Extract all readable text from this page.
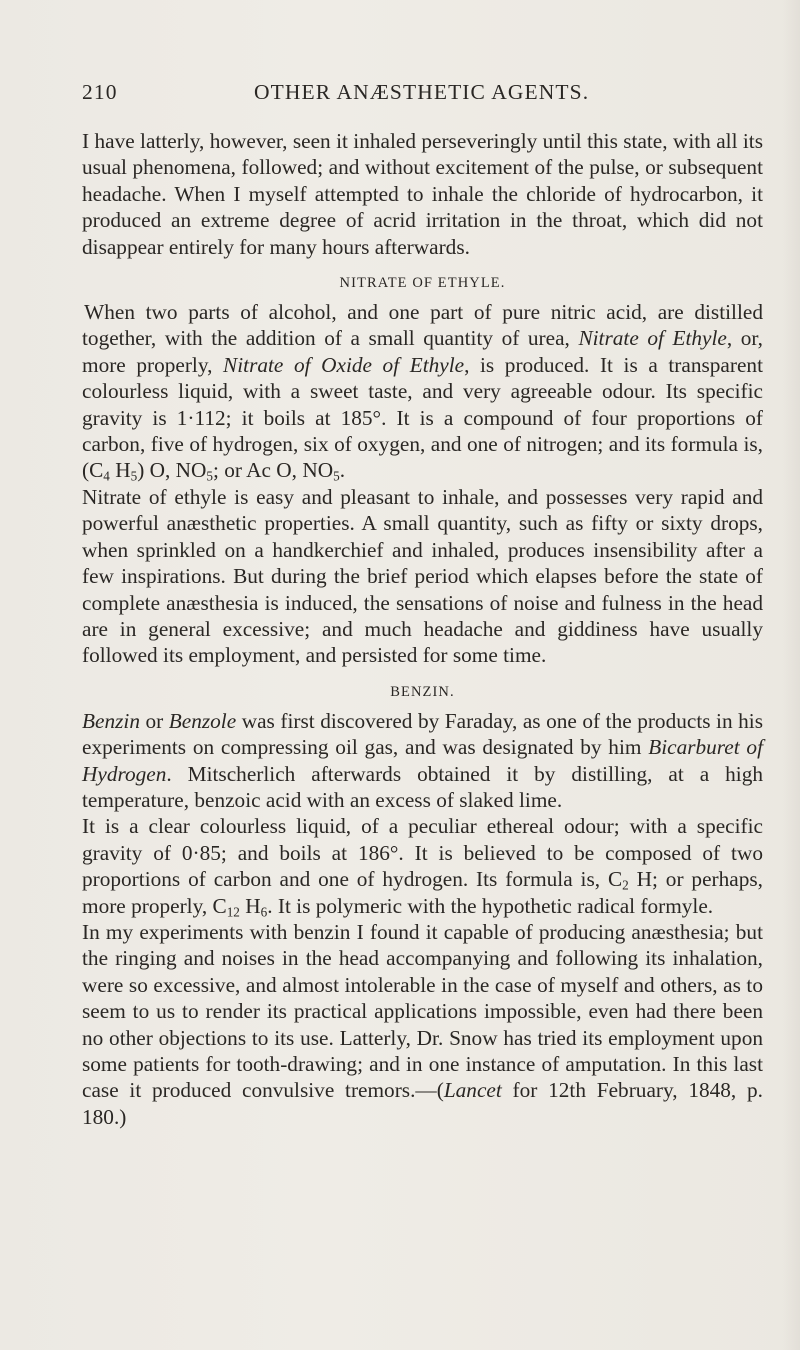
210	OTHER ANÆSTHETIC AGENTS.

I have latterly, however, seen it inhaled perseveringly until this state, with all its usual phenomena, followed; and without excitement of the pulse, or subsequent headache. When I myself attempted to inhale the chloride of hydrocarbon, it produced an extreme degree of acrid irritation in the throat, which did not disappear entirely for many hours afterwards.

NITRATE OF ETHYLE.

When two parts of alcohol, and one part of pure nitric acid, are distilled together, with the addition of a small quantity of urea, Nitrate of Ethyle, or, more properly, Nitrate of Oxide of Ethyle, is produced. It is a transparent colourless liquid, with a sweet taste, and very agreeable odour. Its specific gravity is 1·112; it boils at 185°. It is a compound of four proportions of carbon, five of hydrogen, six of oxygen, and one of nitrogen; and its formula is, ($C_4$ $H_5$) O, $NO_5$; or Ac O, $NO_5$.

Nitrate of ethyle is easy and pleasant to inhale, and possesses very rapid and powerful anæsthetic properties. A small quantity, such as fifty or sixty drops, when sprinkled on a handkerchief and inhaled, produces insensibility after a few inspirations. But during the brief period which elapses before the state of complete anæsthesia is induced, the sensations of noise and fulness in the head are in general excessive; and much headache and giddiness have usually followed its employment, and persisted for some time.

BENZIN.

Benzin or Benzole was first discovered by Faraday, as one of the products in his experiments on compressing oil gas, and was designated by him Bicarburet of Hydrogen. Mitscherlich afterwards obtained it by distilling, at a high temperature, benzoic acid with an excess of slaked lime.

It is a clear colourless liquid, of a peculiar ethereal odour; with a specific gravity of 0·85; and boils at 186°. It is believed to be composed of two proportions of carbon and one of hydrogen. Its formula is, $C_2$ H; or perhaps, more properly, $C_{12}$ $H_6$. It is polymeric with the hypothetic radical formyle.

In my experiments with benzin I found it capable of producing anæsthesia; but the ringing and noises in the head accompanying and following its inhalation, were so excessive, and almost intolerable in the case of myself and others, as to seem to us to render its practical applications impossible, even had there been no other objections to its use. Latterly, Dr. Snow has tried its employment upon some patients for tooth-drawing; and in one instance of amputation. In this last case it produced convulsive tremors.—(Lancet for 12th February, 1848, p. 180.)
